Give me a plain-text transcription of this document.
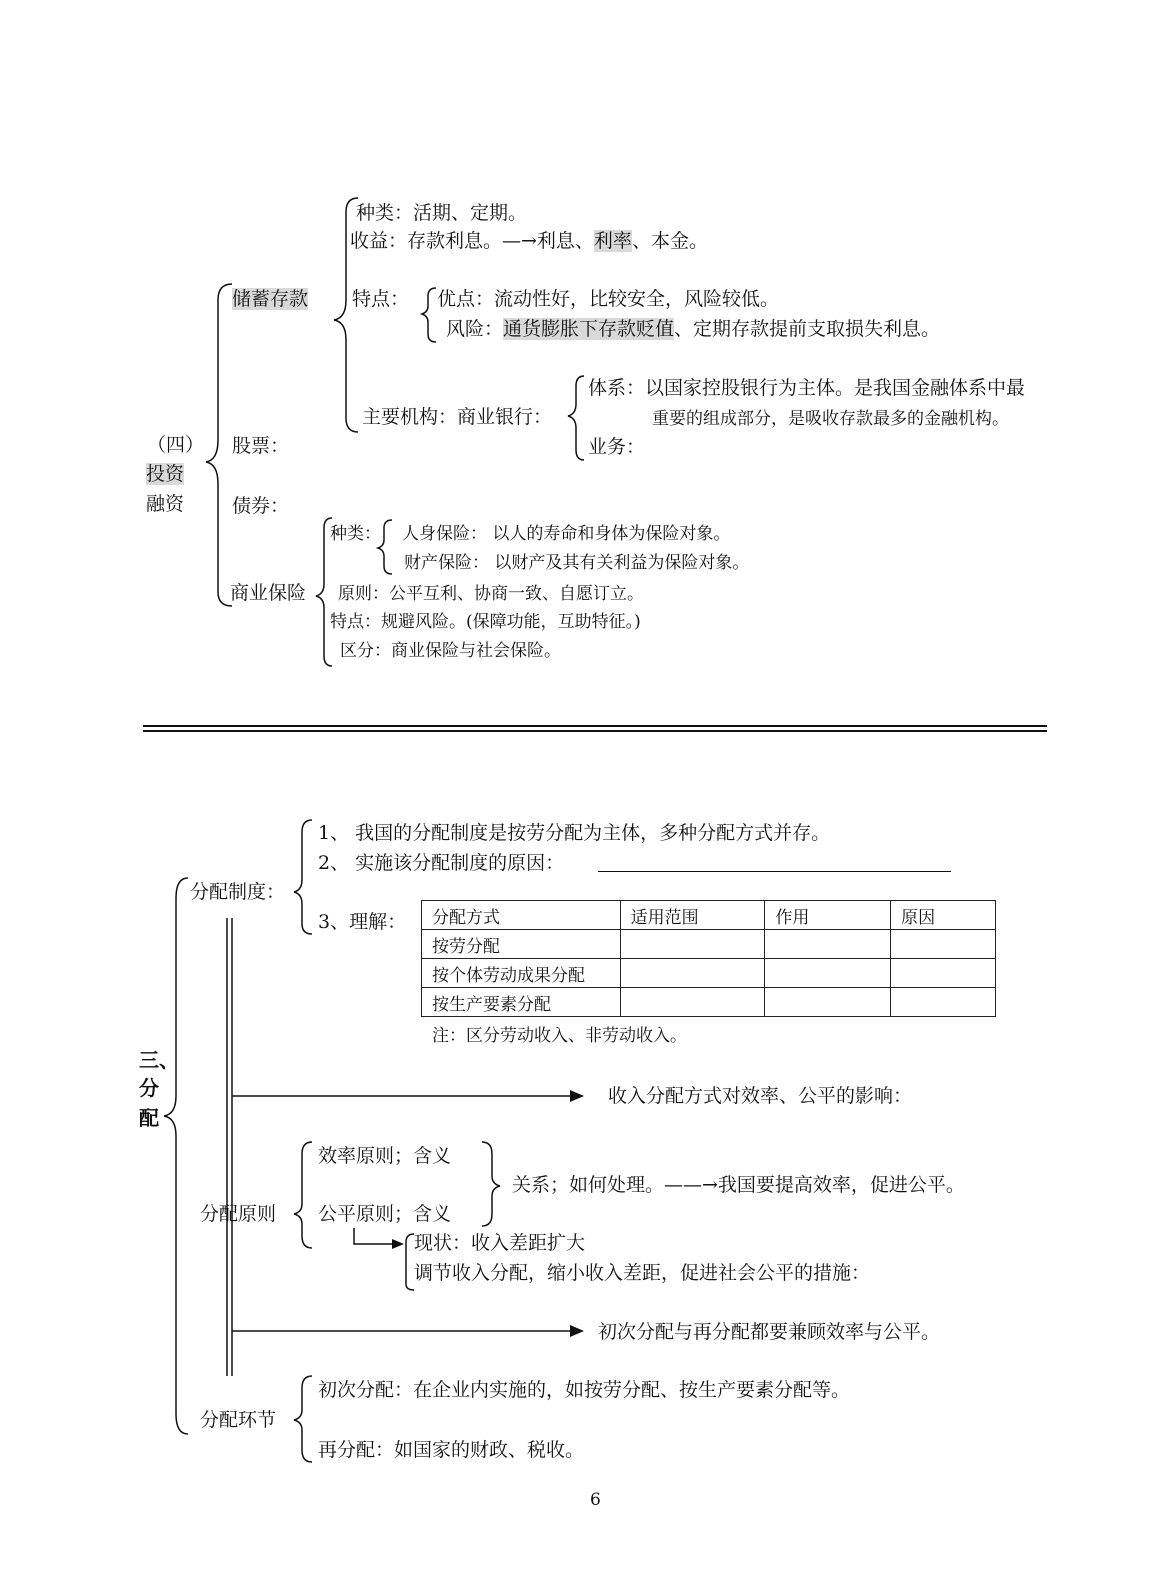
（四）
投资
融资
储蓄存款
种类：活期、定期。
收益：存款利息。—→利息、利率、本金。
特点： 优点：流动性好，比较安全，风险较低。
风险：通货膨胀下存款贬值、定期存款提前支取损失利息。
主要机构：商业银行：
体系：以国家控股银行为主体。是我国金融体系中最
重要的组成部分，是吸收存款最多的金融机构。
业务：
股票：
债券：
商业保险
种类： 人身保险： 以人的寿命和身体为保险对象。
财产保险： 以财产及其有关利益为保险对象。
原则：公平互利、协商一致、自愿订立。
特点：规避风险。(保障功能，互助特征。)
区分：商业保险与社会保险。
三、
分
配
分配制度：
1、 我国的分配制度是按劳分配为主体，多种分配方式并存。
2、 实施该分配制度的原因：
3、理解： 分配方式	适用范围	作用	原因
按劳分配			
按个体劳动成果分配			
按生产要素分配			
注：区分劳动收入、非劳动收入。
收入分配方式对效率、公平的影响：
分配原则
效率原则；含义
公平原则；含义
关系；如何处理。——→我国要提高效率，促进公平。
现状：收入差距扩大
调节收入分配，缩小收入差距，促进社会公平的措施：
初次分配与再分配都要兼顾效率与公平。
分配环节
初次分配：在企业内实施的，如按劳分配、按生产要素分配等。
再分配：如国家的财政、税收。
6
